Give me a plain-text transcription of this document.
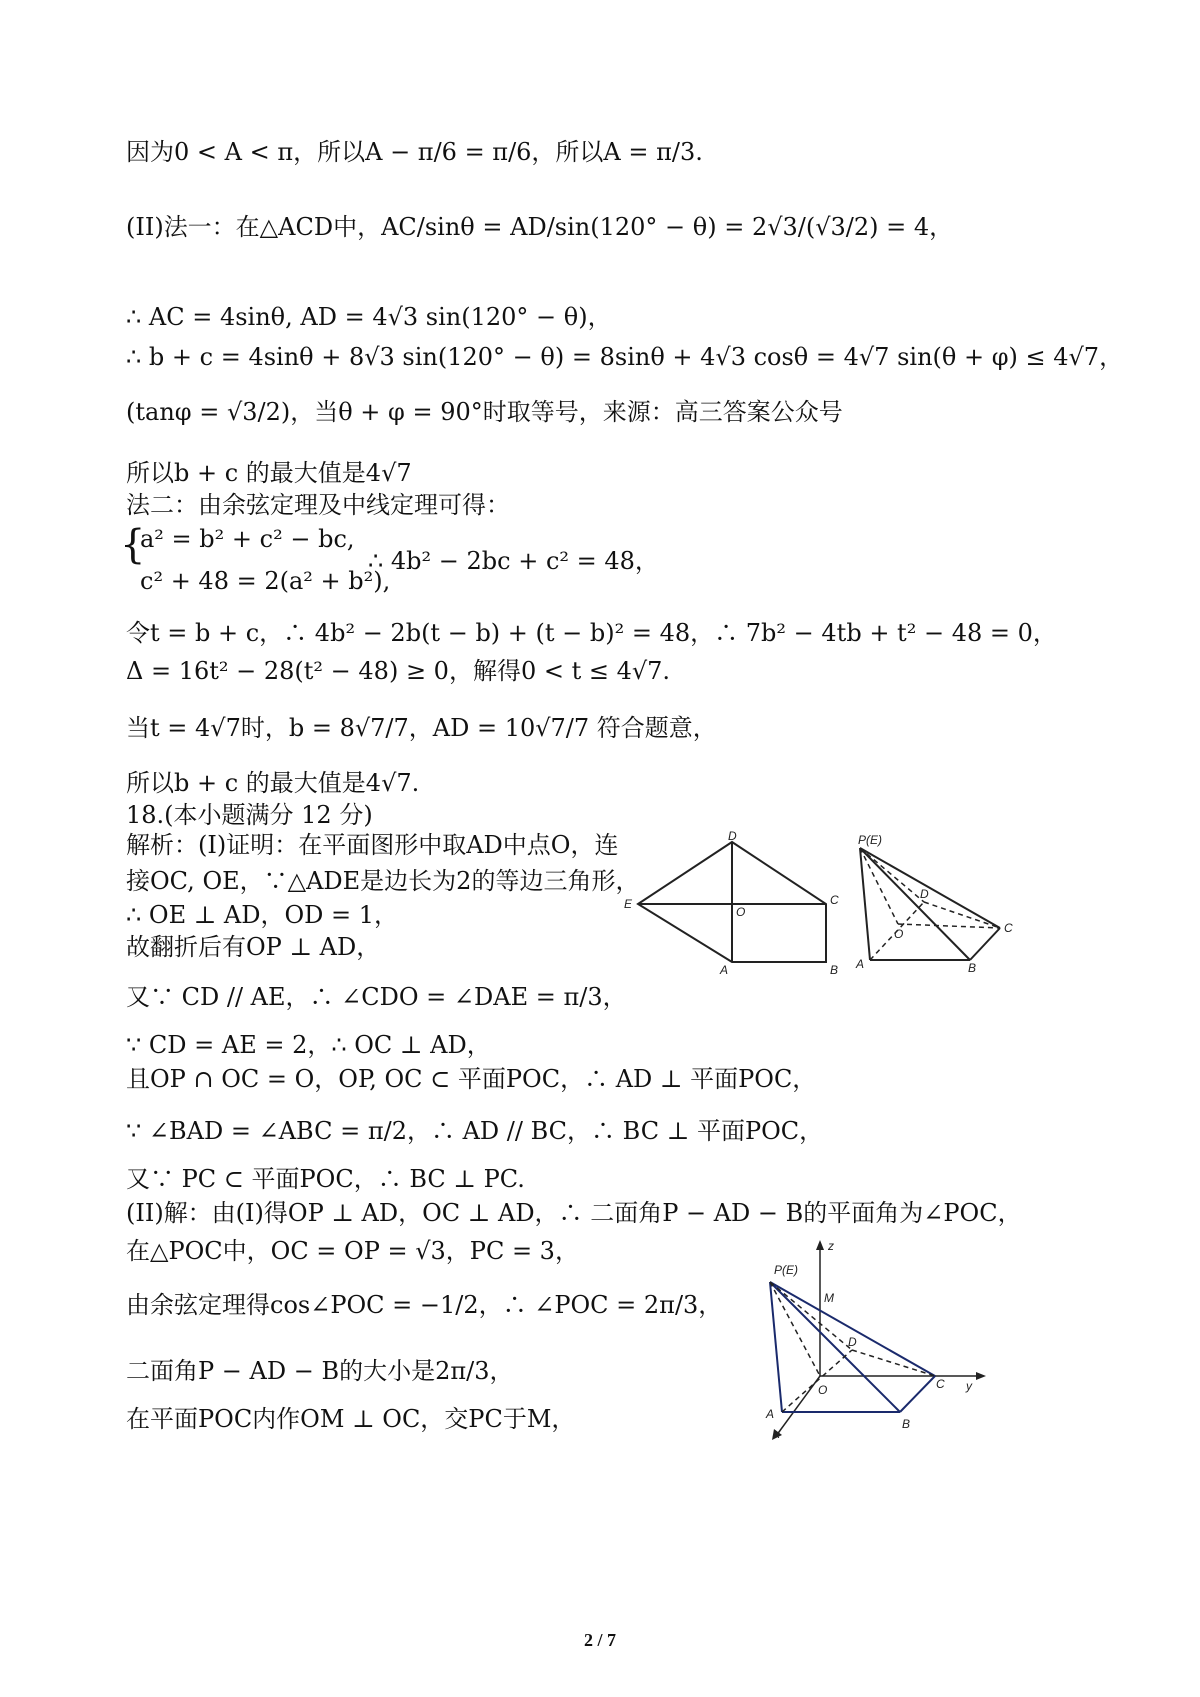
因为0 < A < π，所以A − π/6 = π/6，所以A = π/3.
(II)法一：在△ACD中，AC/sinθ = AD/sin(120° − θ) = 2√3/(√3/2) = 4，
∴ AC = 4sinθ, AD = 4√3 sin(120° − θ)，
∴ b + c = 4sinθ + 8√3 sin(120° − θ) = 8sinθ + 4√3 cosθ = 4√7 sin(θ + φ) ≤ 4√7，
(tanφ = √3/2)，当θ + φ = 90°时取等号，来源：高三答案公众号
所以b + c 的最大值是4√7
法二：由余弦定理及中线定理可得：
{
a² = b² + c² − bc,
c² + 48 = 2(a² + b²),
∴ 4b² − 2bc + c² = 48，
令t = b + c，∴ 4b² − 2b(t − b) + (t − b)² = 48，∴ 7b² − 4tb + t² − 48 = 0，
Δ = 16t² − 28(t² − 48) ≥ 0，解得0 < t ≤ 4√7.
当t = 4√7时，b = 8√7/7，AD = 10√7/7 符合题意，
所以b + c 的最大值是4√7.
18.(本小题满分 12 分)
解析：(I)证明：在平面图形中取AD中点O，连
接OC, OE，∵△ADE是边长为2的等边三角形，
∴ OE ⊥ AD，OD = 1，
故翻折后有OP ⊥ AD，
又∵ CD // AE，∴ ∠CDO = ∠DAE = π/3，
∵ CD = AE = 2，∴ OC ⊥ AD，
且OP ∩ OC = O，OP, OC ⊂ 平面POC，∴ AD ⊥ 平面POC，
∵ ∠BAD = ∠ABC = π/2，∴ AD // BC，∴ BC ⊥ 平面POC，
又∵ PC ⊂ 平面POC，∴ BC ⊥ PC.
(II)解：由(I)得OP ⊥ AD，OC ⊥ AD，∴ 二面角P − AD − B的平面角为∠POC，
在△POC中，OC = OP = √3，PC = 3，
由余弦定理得cos∠POC = −1/2，∴ ∠POC = 2π/3，
二面角P − AD − B的大小是2π/3，
在平面POC内作OM ⊥ OC，交PC于M，
D
E
O
C
A	B
P(E)
D
O	C
A	B
z
P(E)
M
D
O	C y
A
x
B
2 / 7
